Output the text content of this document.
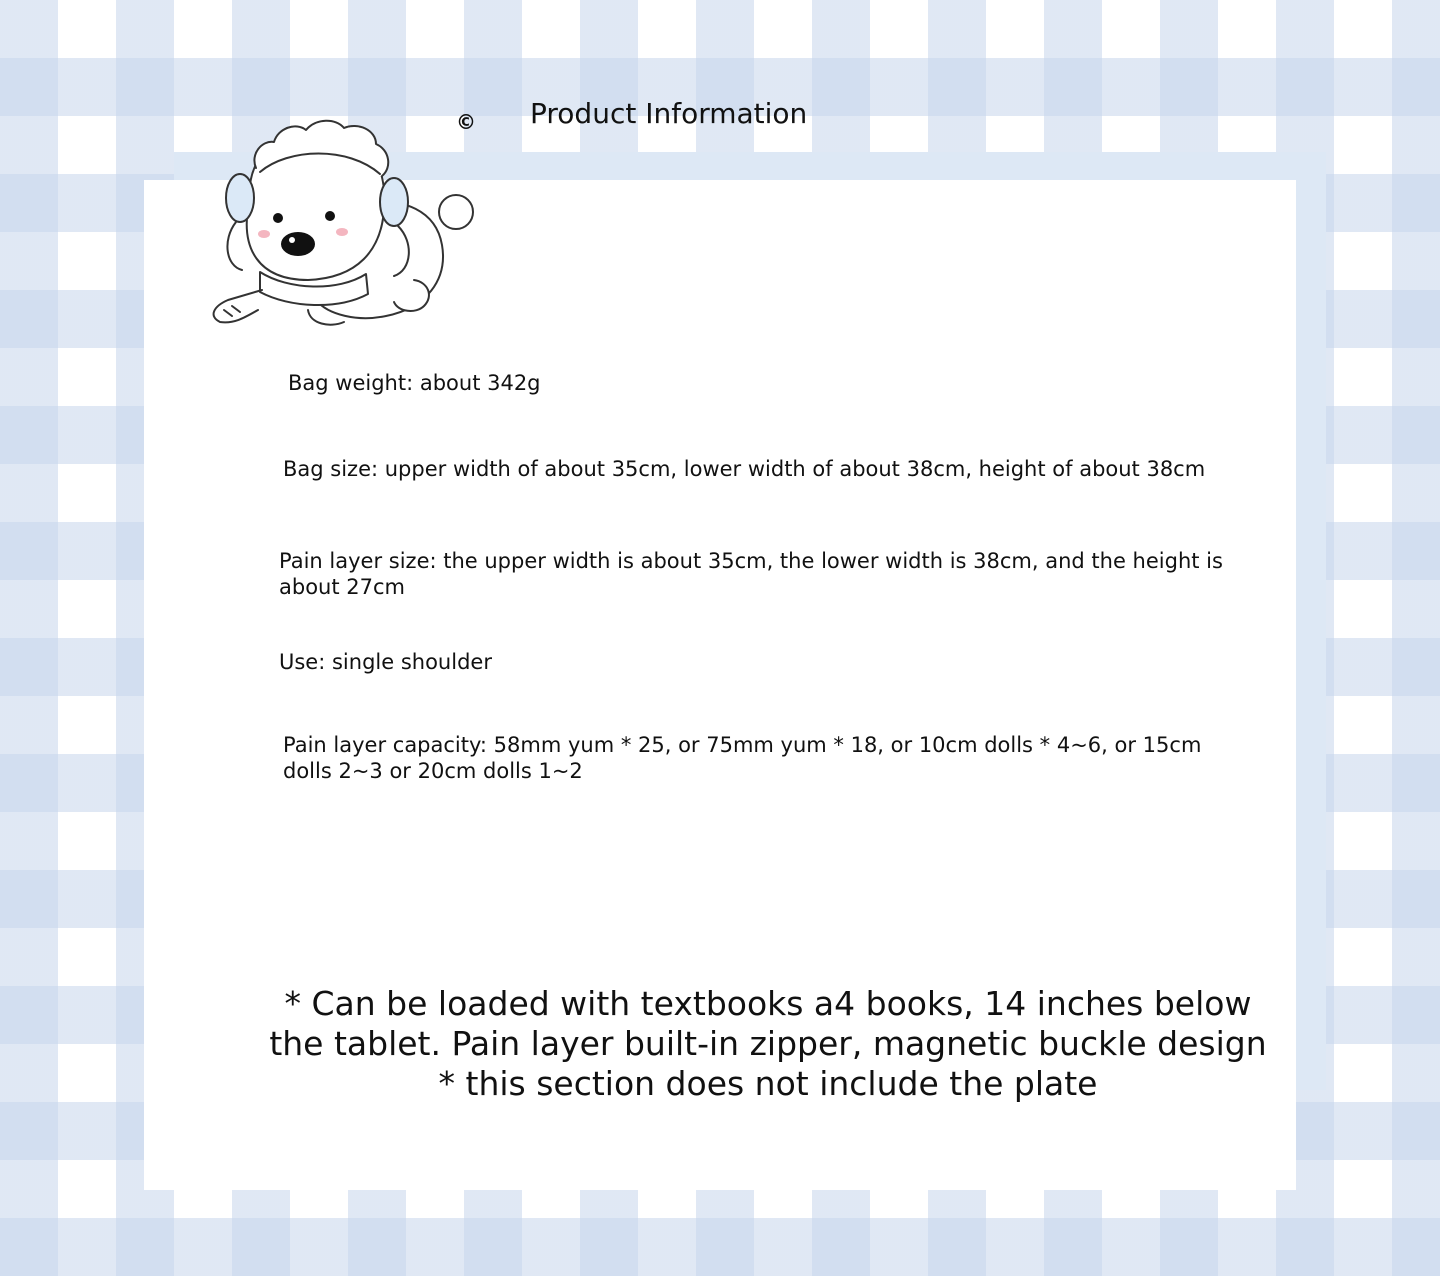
© Product Information
Bag weight: about 342g
Bag size: upper width of about 35cm, lower width of about 38cm, height of about 38cm
Pain layer size: the upper width is about 35cm, the lower width is 38cm, and the height is about 27cm
Use: single shoulder
Pain layer capacity: 58mm yum * 25, or 75mm yum * 18, or 10cm dolls * 4~6, or 15cm dolls 2~3 or 20cm dolls 1~2
* Can be loaded with textbooks a4 books, 14 inches below
the tablet. Pain layer built-in zipper, magnetic buckle design
* this section does not include the plate
